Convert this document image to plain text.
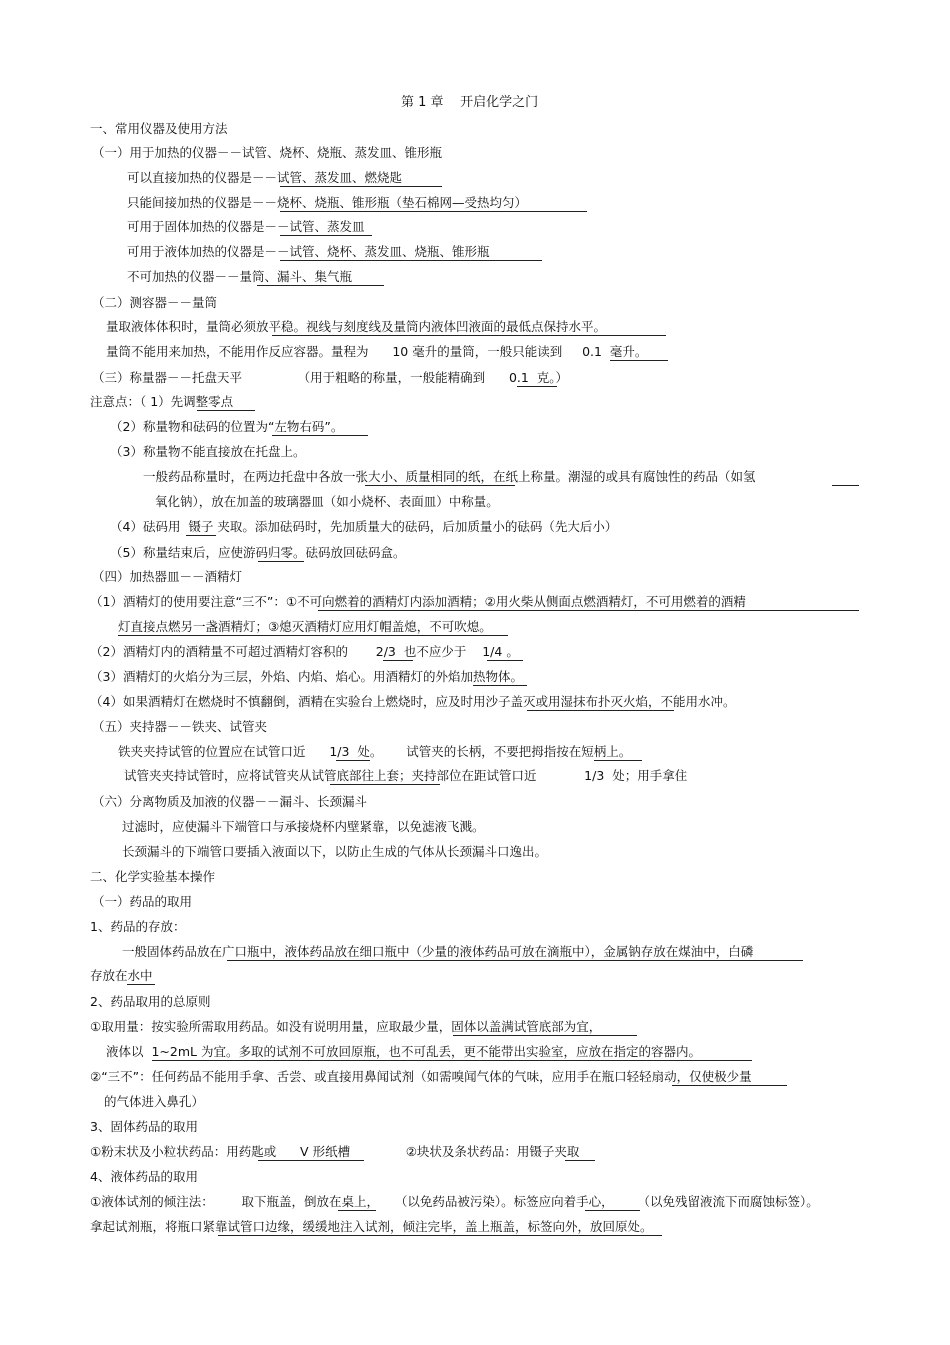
第 1 章    开启化学之门
一、常用仪器及使用方法
（一）用于加热的仪器－－试管、烧杯、烧瓶、蒸发皿、锥形瓶
可以直接加热的仪器是－－试管、蒸发皿、燃烧匙
只能间接加热的仪器是－－烧杯、烧瓶、锥形瓶（垫石棉网—受热均匀）
可用于固体加热的仪器是－－试管、蒸发皿
可用于液体加热的仪器是－－试管、烧杯、蒸发皿、烧瓶、锥形瓶
不可加热的仪器－－量筒、漏斗、集气瓶
（二）测容器－－量筒
量取液体体积时，量筒必须放平稳。视线与刻度线及量筒内液体凹液面的最低点保持水平。
量筒不能用来加热，不能用作反应容器。量程为      10 毫升的量筒，一般只能读到     0.1  毫升。
（三）称量器－－托盘天平              （用于粗略的称量，一般能精确到      0.1  克。）
注意点：（ 1）先调整零点
（2）称量物和砝码的位置为“左物右码”。
（3）称量物不能直接放在托盘上。
一般药品称量时，在两边托盘中各放一张大小、质量相同的纸，在纸上称量。潮湿的或具有腐蚀性的药品（如氢
氧化钠），放在加盖的玻璃器皿（如小烧杯、表面皿）中称量。
（4）砝码用  镊子 夹取。添加砝码时，先加质量大的砝码，后加质量小的砝码（先大后小）
（5）称量结束后，应使游码归零。砝码放回砝码盒。
（四）加热器皿－－酒精灯
（1）酒精灯的使用要注意“三不”：①不可向燃着的酒精灯内添加酒精；②用火柴从侧面点燃酒精灯，不可用燃着的酒精
灯直接点燃另一盏酒精灯；③熄灭酒精灯应用灯帽盖熄，不可吹熄。
（2）酒精灯内的酒精量不可超过酒精灯容积的       2/3  也不应少于    1/4 。
（3）酒精灯的火焰分为三层，外焰、内焰、焰心。用酒精灯的外焰加热物体。
（4）如果酒精灯在燃烧时不慎翻倒，酒精在实验台上燃烧时，应及时用沙子盖灭或用湿抹布扑灭火焰，不能用水冲。
（五）夹持器－－铁夹、试管夹
铁夹夹持试管的位置应在试管口近      1/3  处。      试管夹的长柄，不要把拇指按在短柄上。
试管夹夹持试管时，应将试管夹从试管底部往上套；夹持部位在距试管口近            1/3  处；用手拿住
（六）分离物质及加液的仪器－－漏斗、长颈漏斗
过滤时，应使漏斗下端管口与承接烧杯内壁紧靠，以免滤液飞溅。
长颈漏斗的下端管口要插入液面以下，以防止生成的气体从长颈漏斗口逸出。
二、化学实验基本操作
（一）药品的取用
1、药品的存放：
一般固体药品放在广口瓶中，液体药品放在细口瓶中（少量的液体药品可放在滴瓶中），金属钠存放在煤油中，白磷
存放在水中
2、药品取用的总原则
①取用量：按实验所需取用药品。如没有说明用量，应取最少量，固体以盖满试管底部为宜，
液体以  1~2mL 为宜。多取的试剂不可放回原瓶，也不可乱丢，更不能带出实验室，应放在指定的容器内。
②“三不”：任何药品不能用手拿、舌尝、或直接用鼻闻试剂（如需嗅闻气体的气味，应用手在瓶口轻轻扇动，仅使极少量
的气体进入鼻孔）
3、固体药品的取用
①粉末状及小粒状药品：用药匙或      V 形纸槽              ②块状及条状药品：用镊子夹取
4、液体药品的取用
①液体试剂的倾注法：       取下瓶盖，倒放在桌上，    （以免药品被污染）。标签应向着手心，      （以免残留液流下而腐蚀标签）。
拿起试剂瓶，将瓶口紧靠试管口边缘，缓缓地注入试剂，倾注完毕，盖上瓶盖，标签向外，放回原处。
